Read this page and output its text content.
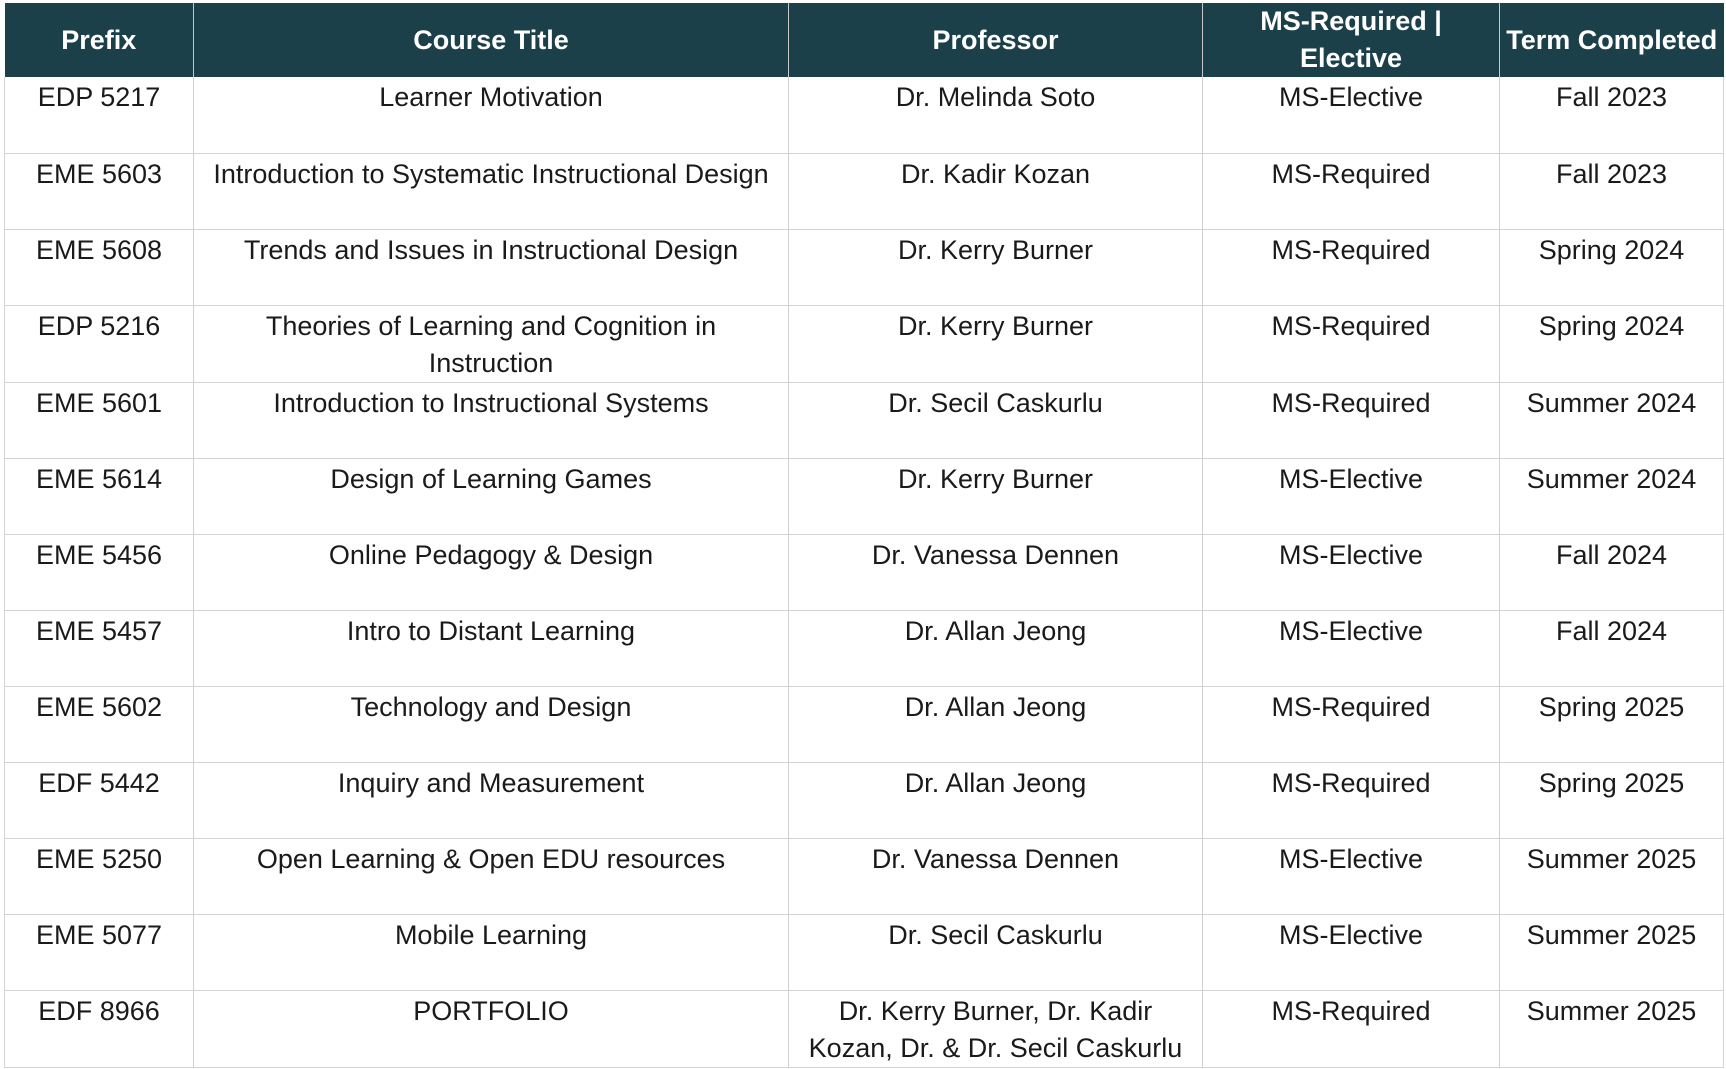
Prefix	Course Title	Professor	MS-Required | Elective	Term Completed

EDP 5217	Learner Motivation	Dr. Melinda Soto	MS-Elective	Fall 2023

EME 5603	Introduction to Systematic Instructional Design	Dr. Kadir Kozan	MS-Required	Fall 2023

EME 5608	Trends and Issues in Instructional Design	Dr. Kerry Burner	MS-Required	Spring 2024

EDP 5216	Theories of Learning and Cognition in Instruction	Dr. Kerry Burner	MS-Required	Spring 2024

EME 5601	Introduction to Instructional Systems	Dr. Secil Caskurlu	MS-Required	Summer 2024

EME 5614	Design of Learning Games	Dr. Kerry Burner	MS-Elective	Summer 2024

EME 5456	Online Pedagogy & Design	Dr. Vanessa Dennen	MS-Elective	Fall 2024

EME 5457	Intro to Distant Learning	Dr. Allan Jeong	MS-Elective	Fall 2024

EME 5602	Technology and Design	Dr. Allan Jeong	MS-Required	Spring 2025

EDF 5442	Inquiry and Measurement	Dr. Allan Jeong	MS-Required	Spring 2025

EME 5250	Open Learning & Open EDU resources	Dr. Vanessa Dennen	MS-Elective	Summer 2025

EME 5077	Mobile Learning	Dr. Secil Caskurlu	MS-Elective	Summer 2025

EDF 8966	PORTFOLIO	Dr. Kerry Burner, Dr. Kadir Kozan, Dr. & Dr. Secil Caskurlu	MS-Required	Summer 2025
